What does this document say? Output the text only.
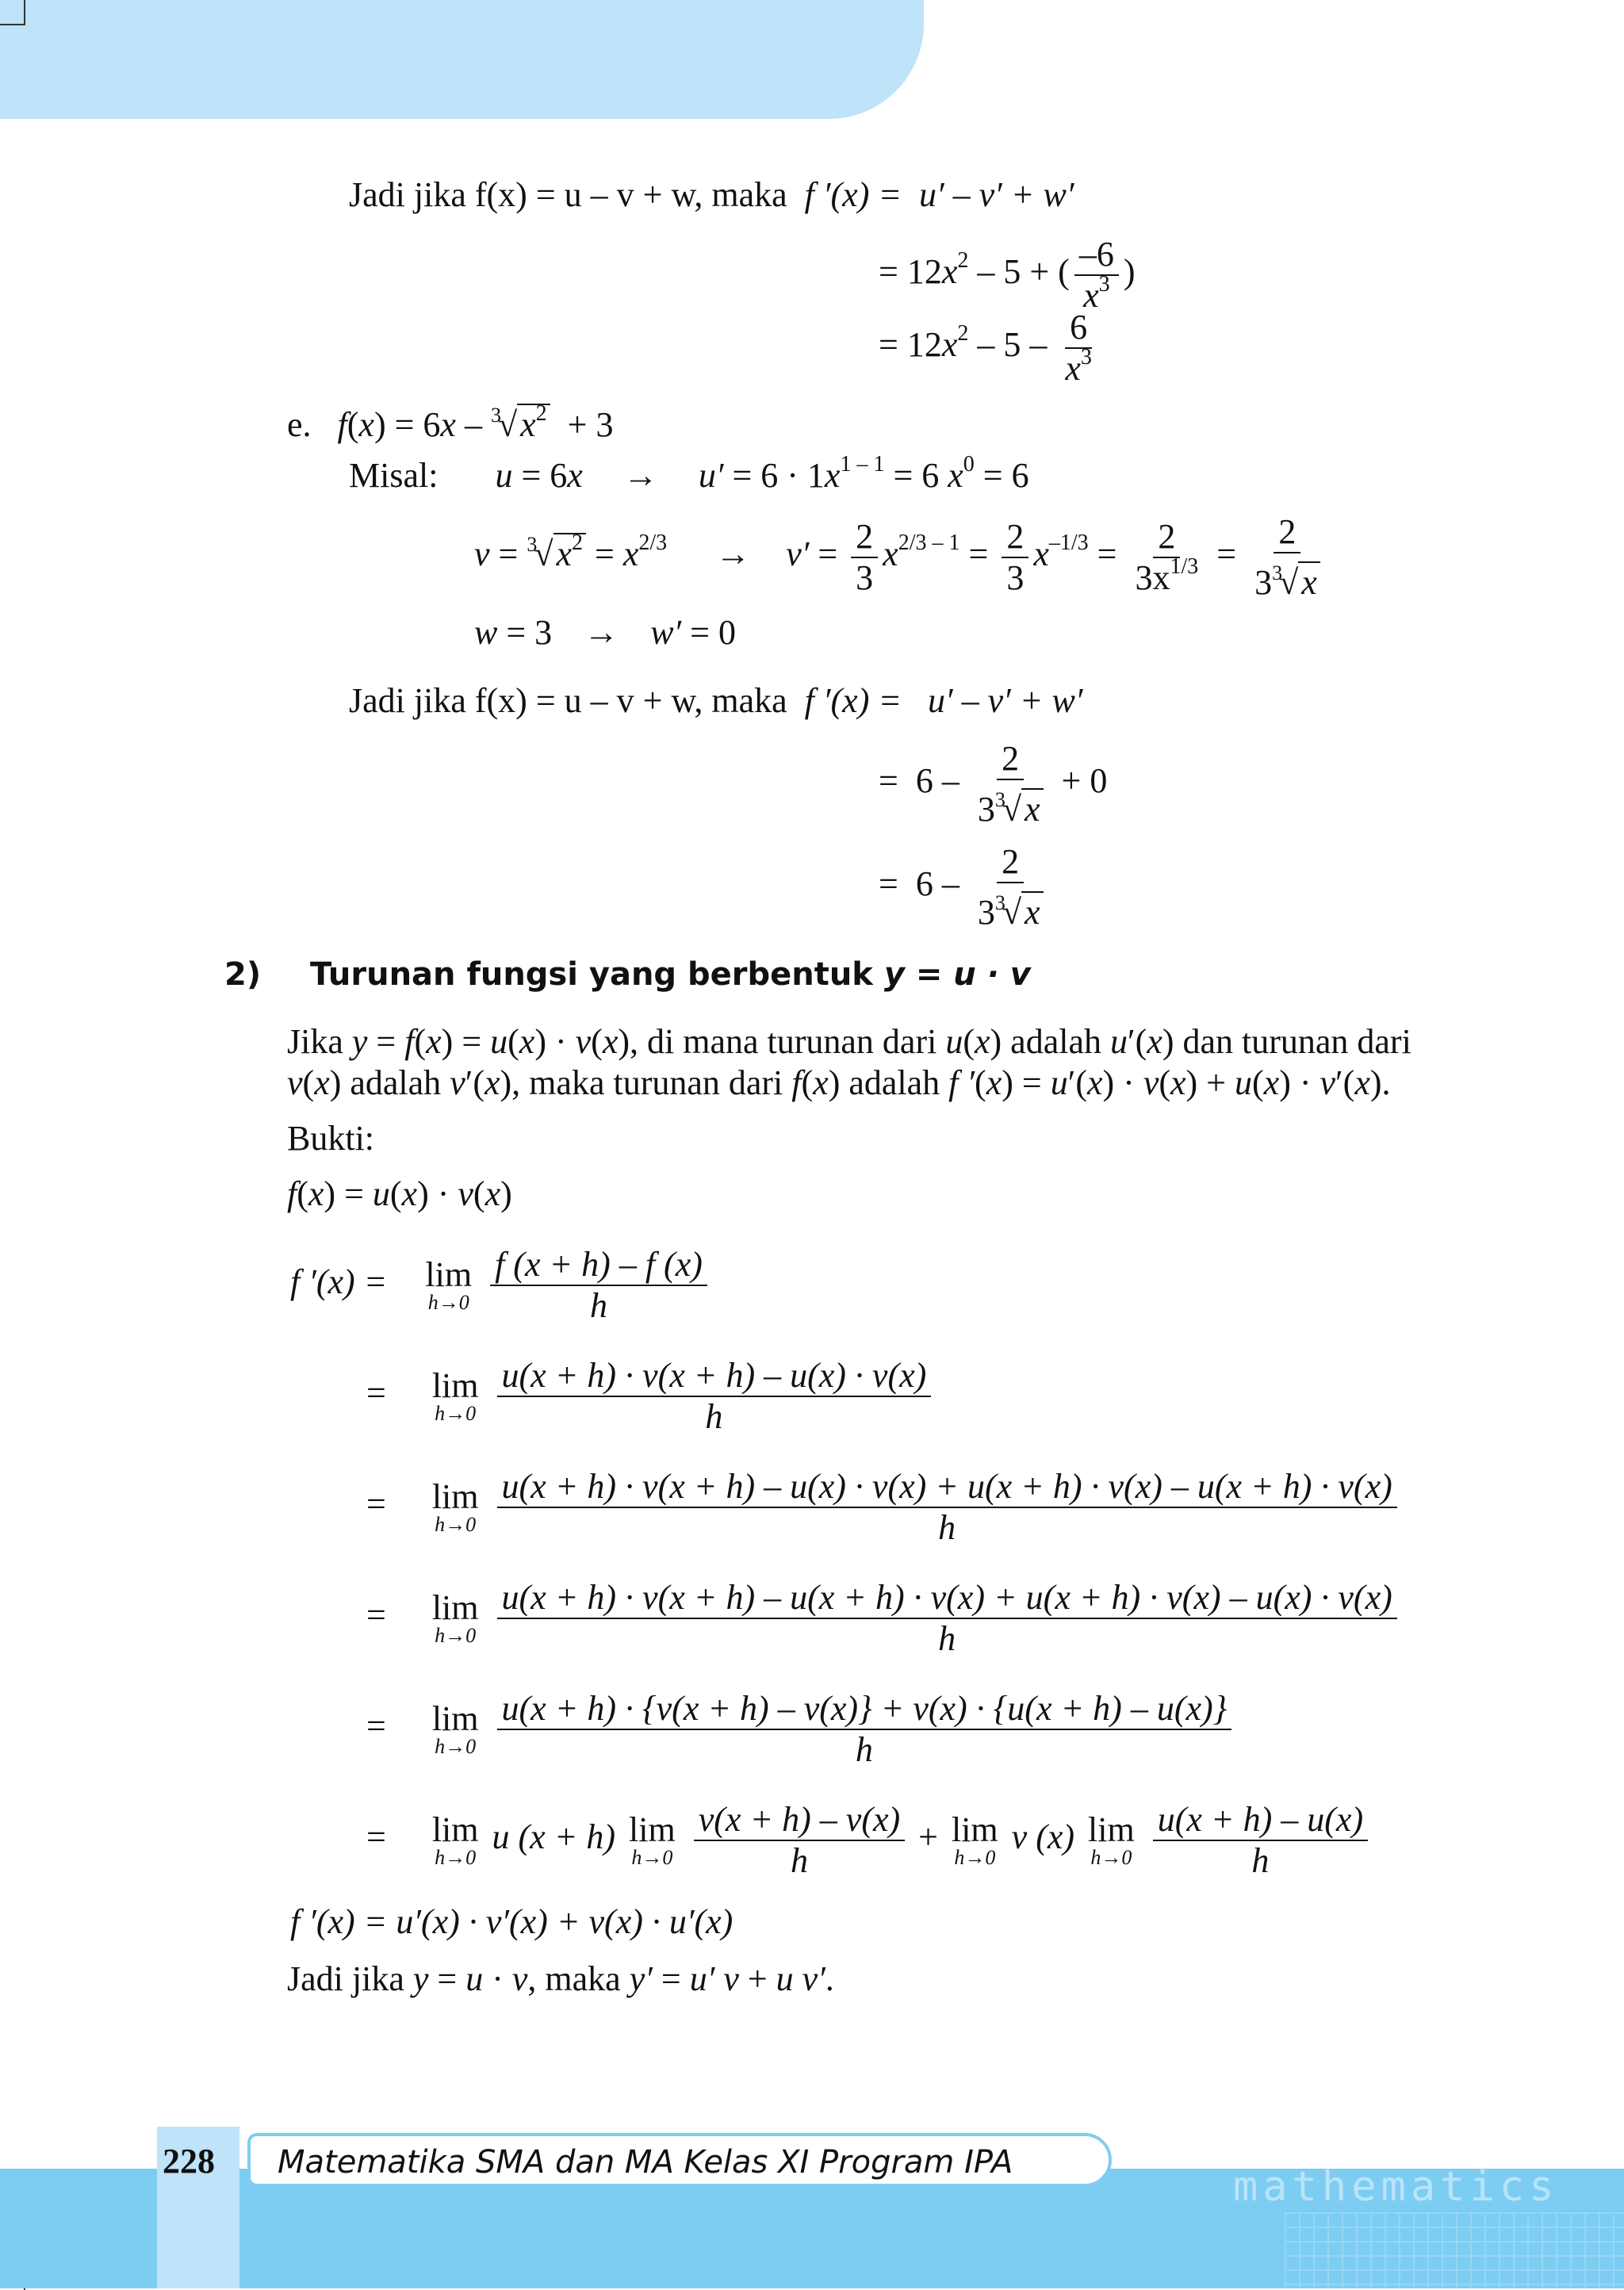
Jadi jika f(x) = u – v + w, maka f ′(x) = u′ – v′ + w′
= $12x^2 - 5$ + ( $\frac{-6}{x^3}$ )
= $12x^2 - 5 - \frac{6}{x^3}$
e. $f(x) = 6x - ^3√x^2 + 3$
Misal: $u = 6x \to u' = 6 \cdot 1x^{1 - 1} = 6$ $x^0 = 6$
$v = ^3√x^2 = x^{2/3} \to v' = \frac{2}{3} x^{2/3 - 1} = \frac{2}{3} x^{-1/3} = \frac{2}{3x^{1/3}} = \frac{2}{3^3√x}$
w = 3 → w′ = 0
Jadi jika f(x) = u – v + w, maka f ′(x) = u′ – v′ + w′
=  $6 - \frac{2}{3^3√x} + 0$
=  $6 - \frac{2}{3^3√x}$
2) Turunan fungsi yang berbentuk y = u · v
Jika y = f(x) = u(x) · v(x), di mana turunan dari u(x) adalah u′(x) dan turunan dari
v(x) adalah v′(x), maka turunan dari f(x) adalah f ′(x) = u′(x) · v(x) + u(x) · v′(x).
Bukti:
f(x) = u(x) · v(x)
f ′(x) = lim
h→0
$\frac{f (x + h) - f (x)}{h}$
= lim
h→0
$\frac{u(x + h) \cdot v(x + h) - u(x) \cdot v(x)}{h}$
= lim
h→0

u(x + h) · v(x + h) – u(x) · v(x) + u(x + h) · v(x) – u(x + h) · v(x)
h
= lim
h→0

u(x + h) · v(x + h) – u(x + h) · v(x) + u(x + h) · v(x) – u(x) · v(x)
h
= lim
h→0
$\frac{u(x + h) \cdot \{v(x + h) - v(x)\} + v(x) \cdot \{u(x + h) - u(x)\}}{h}$
= lim
h→0
u (x + h) lim
h→0
$\frac{v(x + h) - v(x)}{h} + \lim$
h→0
v (x) lim
h→0
$\frac{u(x + h) - u(x)}{h}$
f ′(x) = u′(x) · v′(x) + v(x) · u′(x)
Jadi jika y = u · v, maka y′ = u′ v + u v′.
mathematics
228	Matematika SMA dan MA Kelas XI Program IPA
